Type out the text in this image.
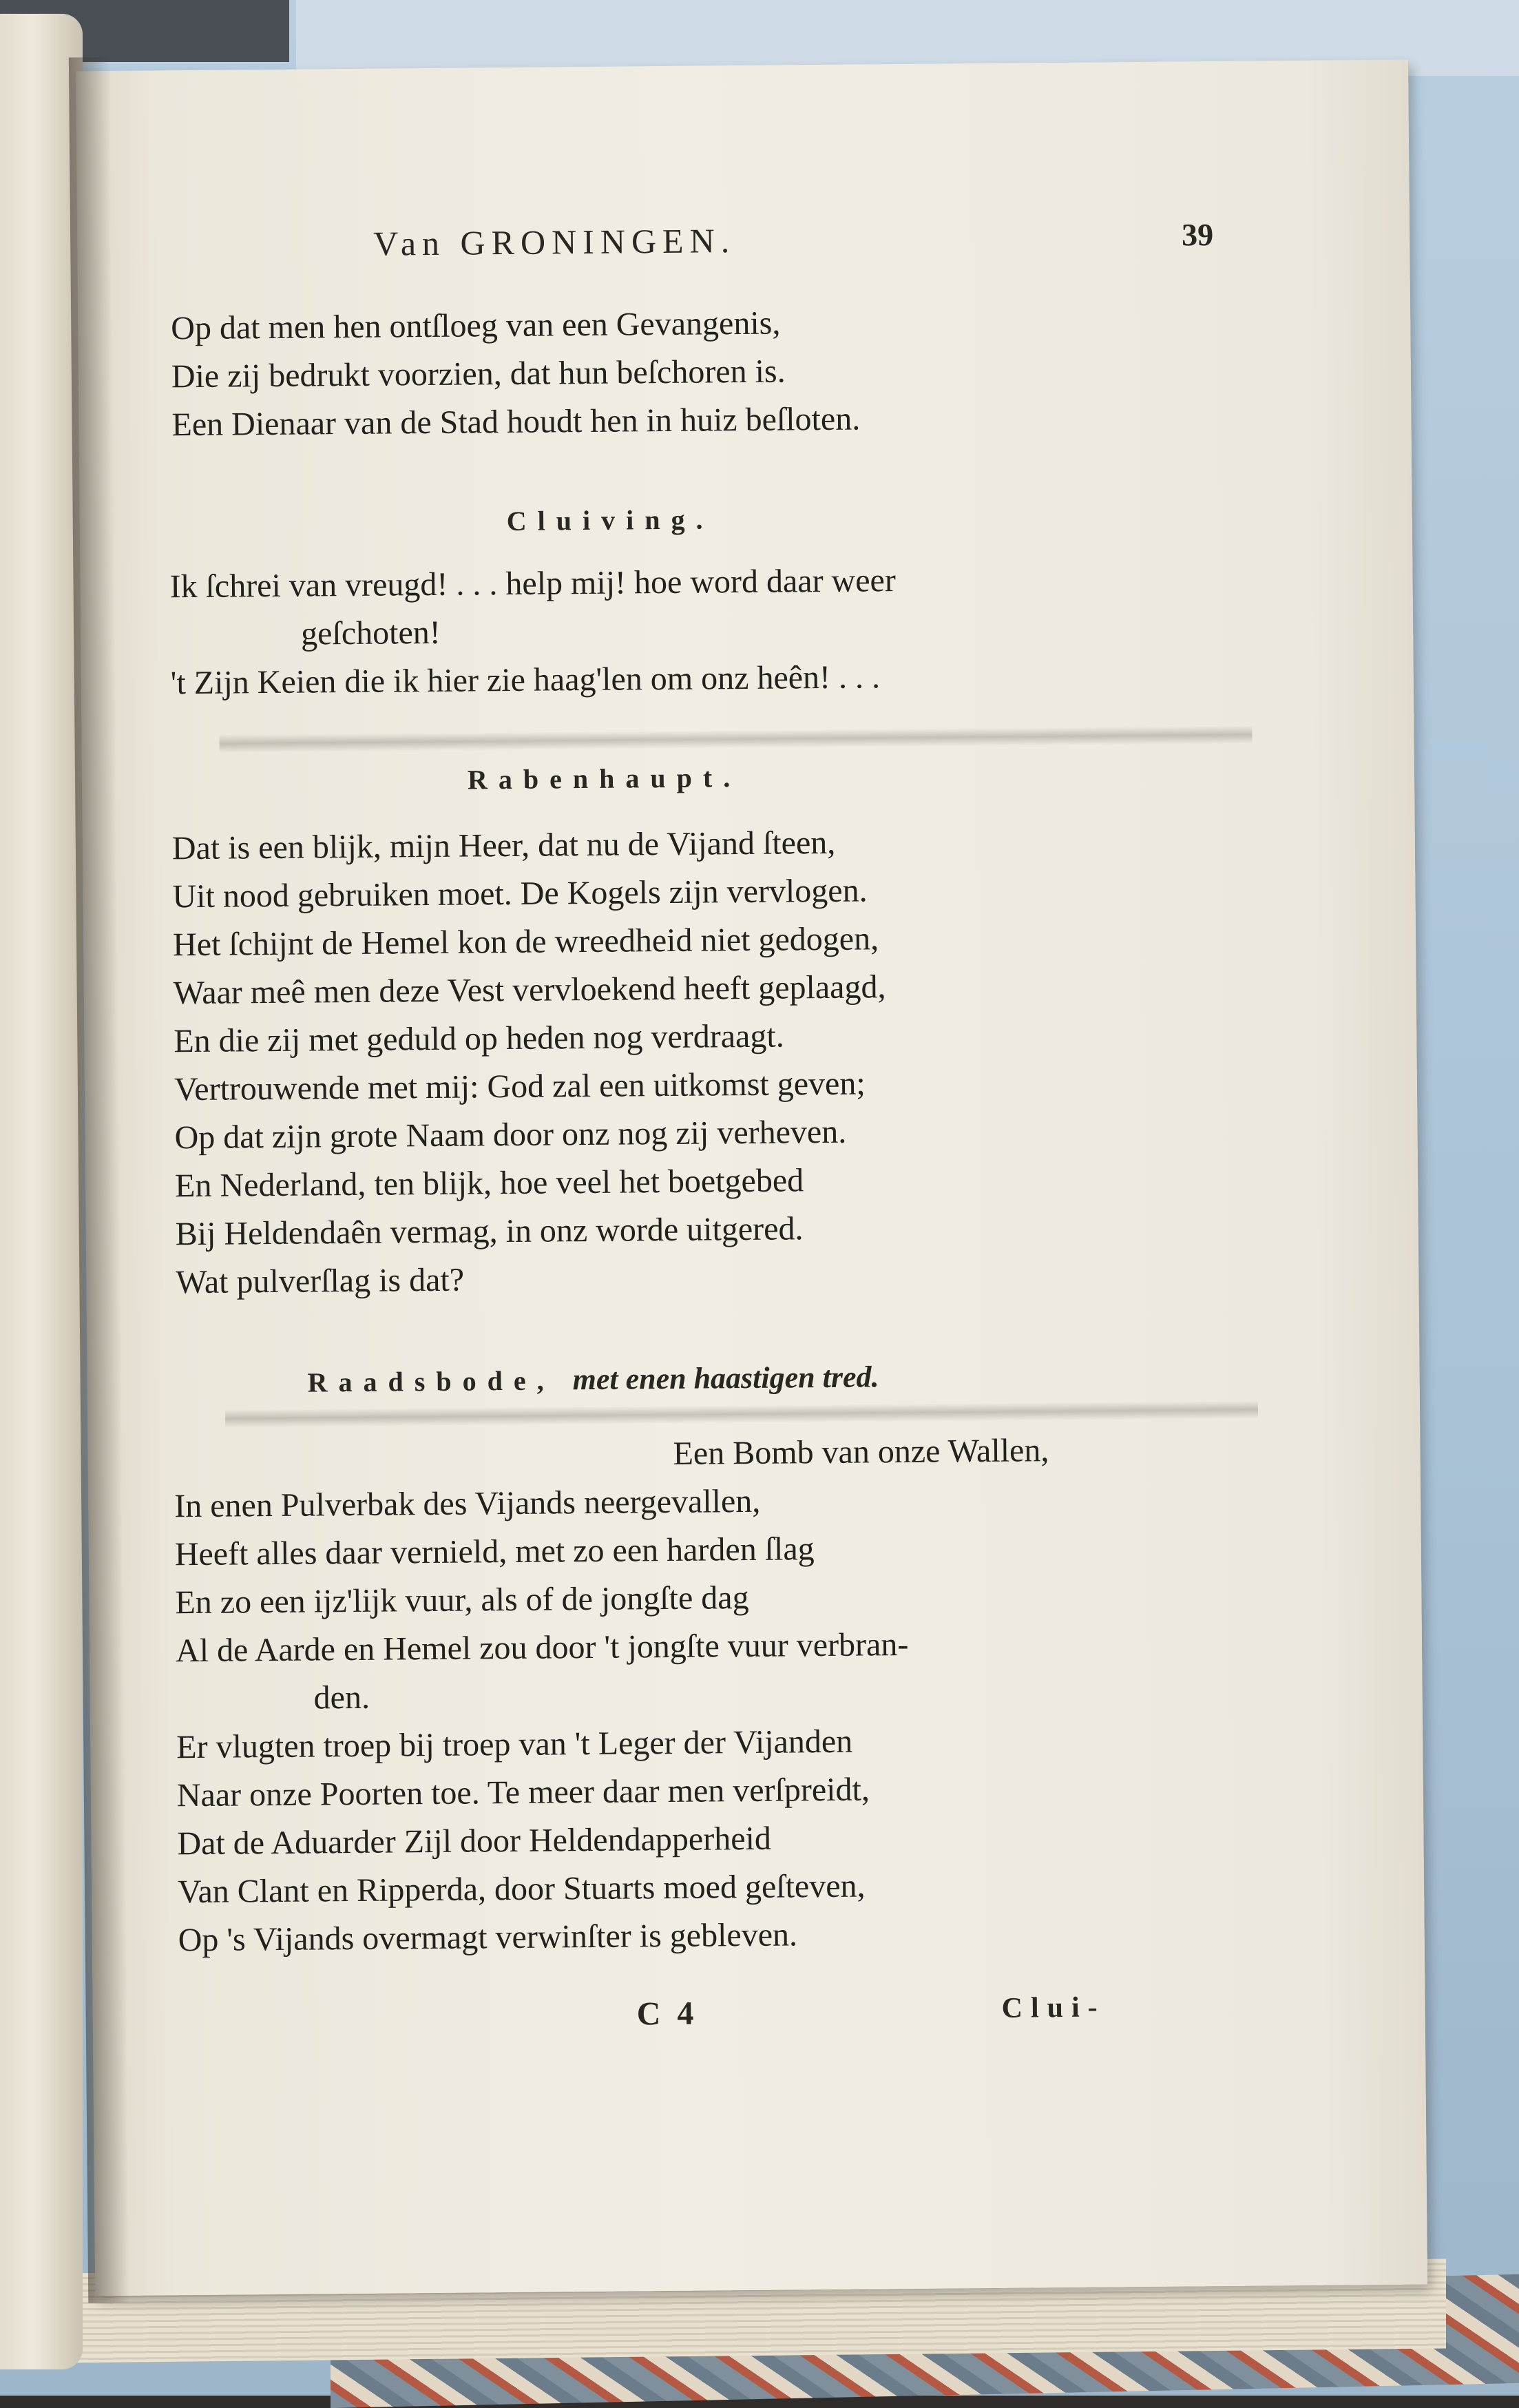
Van GRONINGEN.	39
Op dat men hen ontſloeg van een Gevangenis,
Die zij bedrukt voorzien, dat hun beſchoren is.
Een Dienaar van de Stad houdt hen in huiz beſloten.
Cluiving.
Ik ſchrei van vreugd! . . . help mij! hoe word daar weer
geſchoten!
't Zijn Keien die ik hier zie haag'len om onz heên! . . .
Rabenhaupt.
Dat is een blijk, mijn Heer, dat nu de Vijand ſteen,
Uit nood gebruiken moet. De Kogels zijn vervlogen.
Het ſchijnt de Hemel kon de wreedheid niet gedogen,
Waar meê men deze Vest vervloekend heeft geplaagd,
En die zij met geduld op heden nog verdraagt.
Vertrouwende met mij: God zal een uitkomst geven;
Op dat zijn grote Naam door onz nog zij verheven.
En Nederland, ten blijk, hoe veel het boetgebed
Bij Heldendaên vermag, in onz worde uitgered.
Wat pulverſlag is dat?
Raadsbode, met enen haastigen tred.
Een Bomb van onze Wallen,
In enen Pulverbak des Vijands neergevallen,
Heeft alles daar vernield, met zo een harden ſlag
En zo een ijz'lijk vuur, als of de jongſte dag
Al de Aarde en Hemel zou door 't jongſte vuur verbran-
den.
Er vlugten troep bij troep van 't Leger der Vijanden
Naar onze Poorten toe. Te meer daar men verſpreidt,
Dat de Aduarder Zijl door Heldendapperheid
Van Clant en Ripperda, door Stuarts moed geſteven,
Op 's Vijands overmagt verwinſter is gebleven.
C 4	Clui-
